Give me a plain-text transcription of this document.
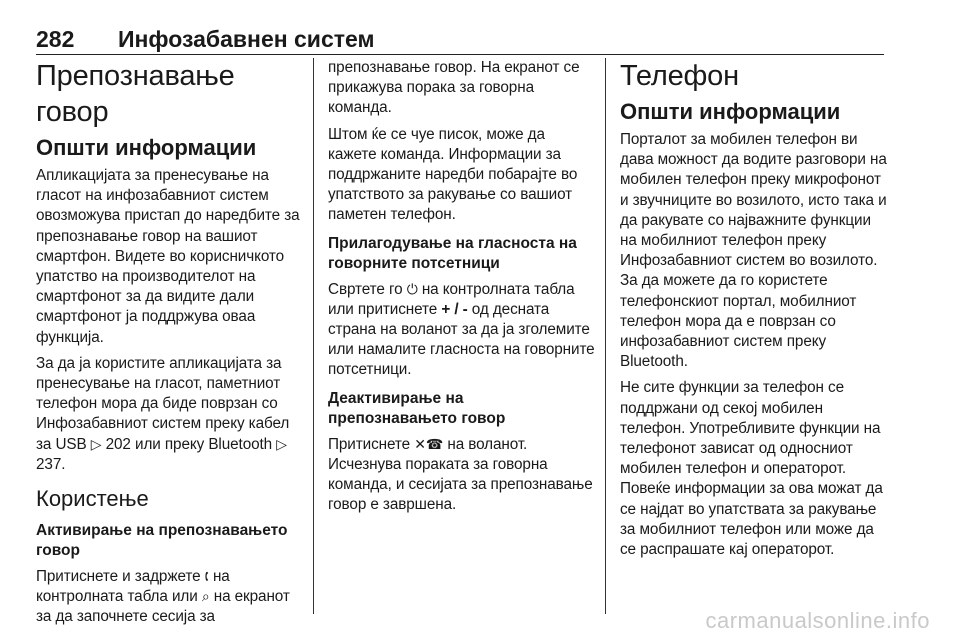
282 Инфозабавнен систем
Препознавање говор
Општи информации

Апликацијата за пренесување на гласот на инфозабавниот систем овозможува пристап до наредбите за препознавање говор на вашиот смартфон. Видете во корисничкото упатство на производителот на смартфонот за да видите дали смартфонот ја поддржува оваа функција.

За да ја користите апликацијата за пренесување на гласот, паметниот телефон мора да биде поврзан со Инфозабавниот систем преку кабел за USB ▷ 202 или преку Bluetooth ▷ 237.

Користење
Активирање на препознавањето говор

Притиснете и задржете 🕻 на контролната табла или ⌕ на екранот за да започнете сесија за

препознавање говор. На екранот се прикажува порака за говорна команда.

Штом ќе се чуе писок, може да кажете команда. Информации за поддржаните наредби побарајте во упатството за ракување со вашиот паметен телефон.

Прилагодување на гласноста на говорните потсетници

Свртете го ⏻ на контролната табла или притиснете + / - од десната страна на воланот за да ја зголемите или намалите гласноста на говорните потсетници.

Деактивирање на препознавањето говор

Притиснете ✕☎ на воланот. Исчезнува пораката за говорна команда, и сесијата за препознавање говор е завршена.

Телефон
Општи информации

Порталот за мобилен телефон ви дава можност да водите разговори на мобилен телефон преку микрофонот и звучниците во возилото, исто така и да ракувате со најважните функции на мобилниот телефон преку Инфозабавниот систем во возилото. За да можете да го користете телефонскиот портал, мобилниот телефон мора да е поврзан со инфозабавниот систем преку Bluetooth.

Не сите функции за телефон се поддржани од секој мобилен телефон. Употребливите функции на телефонот зависат од односниот мобилен телефон и операторот. Повеќе информации за ова можат да се најдат во упатствата за ракување за мобилниот телефон или може да се распрашате кај операторот.

carmanualsonline.info
